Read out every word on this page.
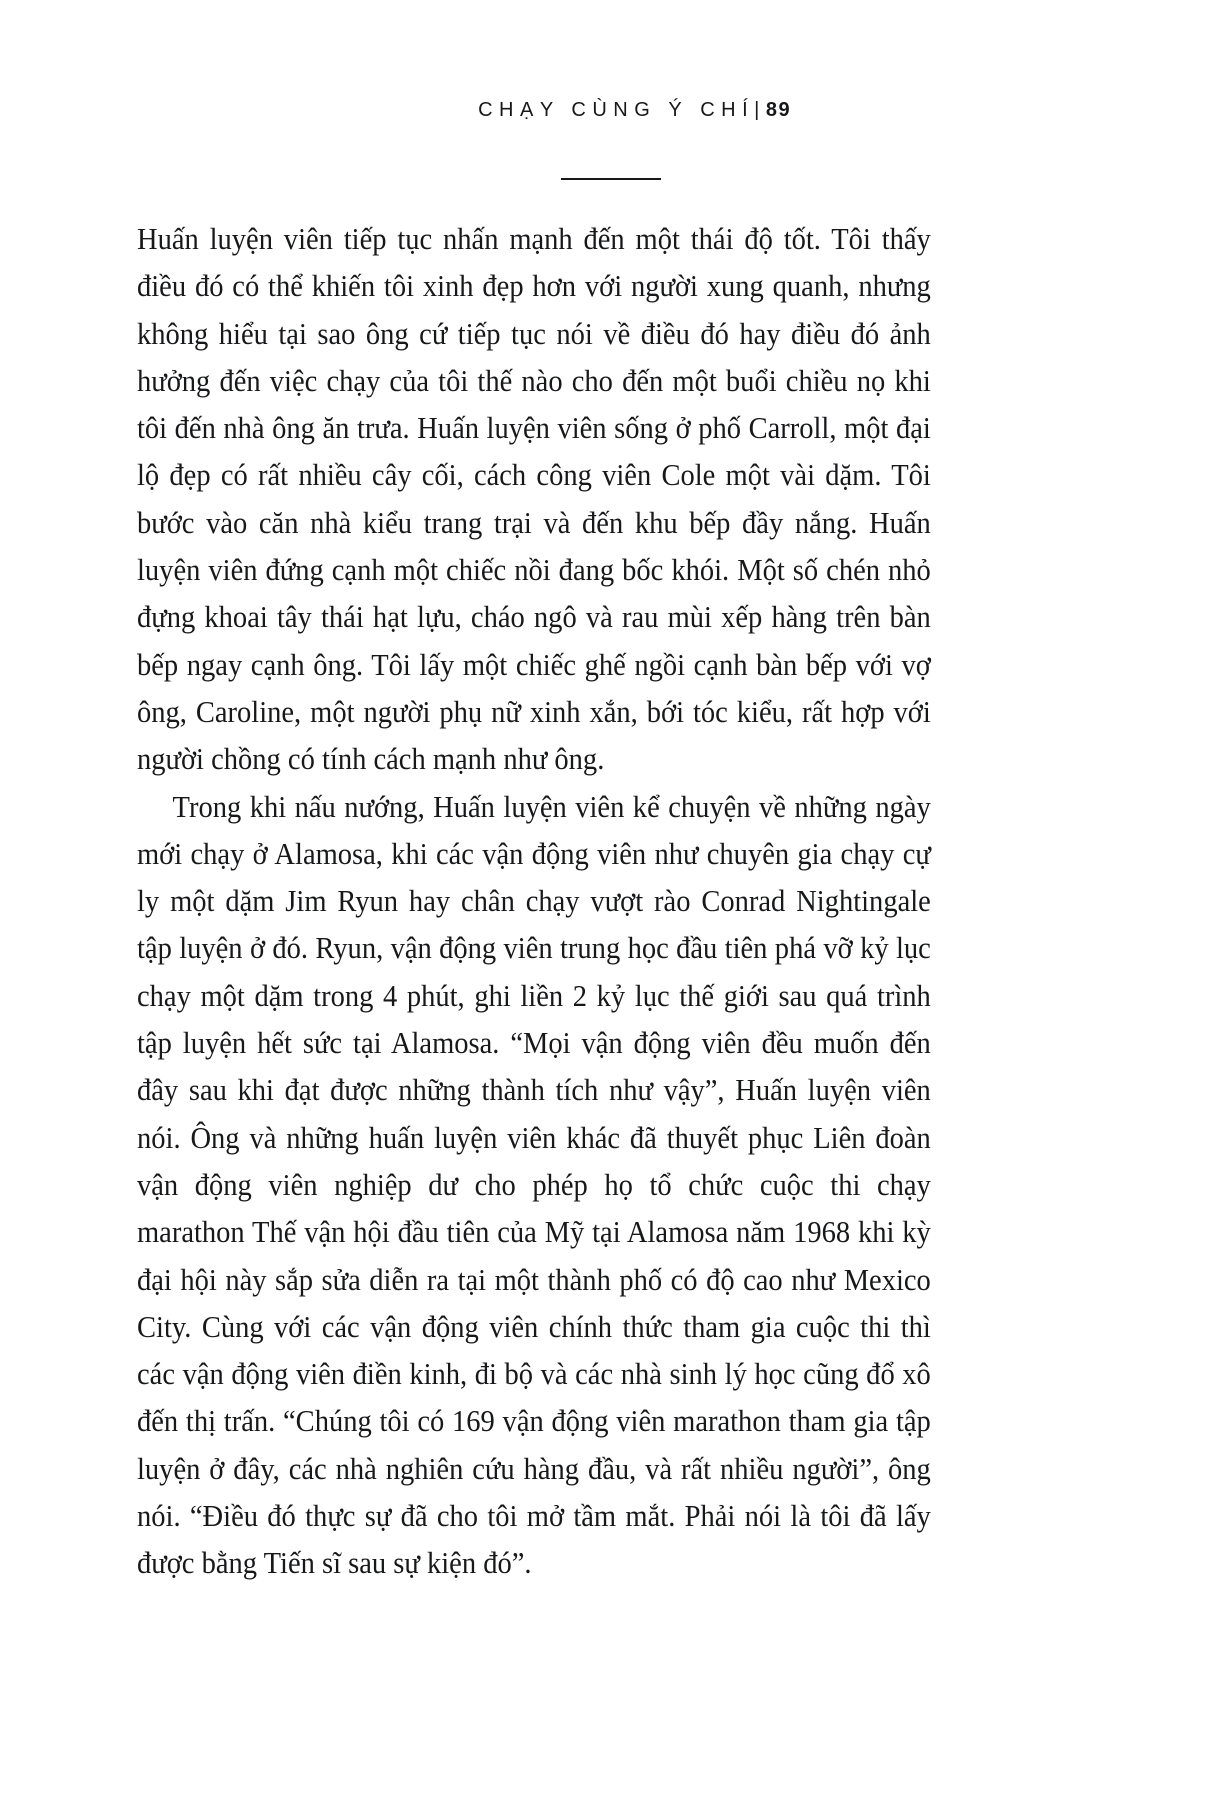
CHẠY CÙNG Ý CHÍ|89

Huấn luyện viên tiếp tục nhấn mạnh đến một thái độ tốt. Tôi thấy điều đó có thể khiến tôi xinh đẹp hơn với người xung quanh, nhưng không hiểu tại sao ông cứ tiếp tục nói về điều đó hay điều đó ảnh hưởng đến việc chạy của tôi thế nào cho đến một buổi chiều nọ khi tôi đến nhà ông ăn trưa. Huấn luyện viên sống ở phố Carroll, một đại lộ đẹp có rất nhiều cây cối, cách công viên Cole một vài dặm. Tôi bước vào căn nhà kiểu trang trại và đến khu bếp đầy nắng. Huấn luyện viên đứng cạnh một chiếc nồi đang bốc khói. Một số chén nhỏ đựng khoai tây thái hạt lựu, cháo ngô và rau mùi xếp hàng trên bàn bếp ngay cạnh ông. Tôi lấy một chiếc ghế ngồi cạnh bàn bếp với vợ ông, Caroline, một người phụ nữ xinh xắn, bới tóc kiểu, rất hợp với người chồng có tính cách mạnh như ông.

Trong khi nấu nướng, Huấn luyện viên kể chuyện về những ngày mới chạy ở Alamosa, khi các vận động viên như chuyên gia chạy cự ly một dặm Jim Ryun hay chân chạy vượt rào Conrad Nightingale tập luyện ở đó. Ryun, vận động viên trung học đầu tiên phá vỡ kỷ lục chạy một dặm trong 4 phút, ghi liền 2 kỷ lục thế giới sau quá trình tập luyện hết sức tại Alamosa. “Mọi vận động viên đều muốn đến đây sau khi đạt được những thành tích như vậy”, Huấn luyện viên nói. Ông và những huấn luyện viên khác đã thuyết phục Liên đoàn vận động viên nghiệp dư cho phép họ tổ chức cuộc thi chạy marathon Thế vận hội đầu tiên của Mỹ tại Alamosa năm 1968 khi kỳ đại hội này sắp sửa diễn ra tại một thành phố có độ cao như Mexico City. Cùng với các vận động viên chính thức tham gia cuộc thi thì các vận động viên điền kinh, đi bộ và các nhà sinh lý học cũng đổ xô đến thị trấn. “Chúng tôi có 169 vận động viên marathon tham gia tập luyện ở đây, các nhà nghiên cứu hàng đầu, và rất nhiều người”, ông nói. “Điều đó thực sự đã cho tôi mở tầm mắt. Phải nói là tôi đã lấy được bằng Tiến sĩ sau sự kiện đó”.
